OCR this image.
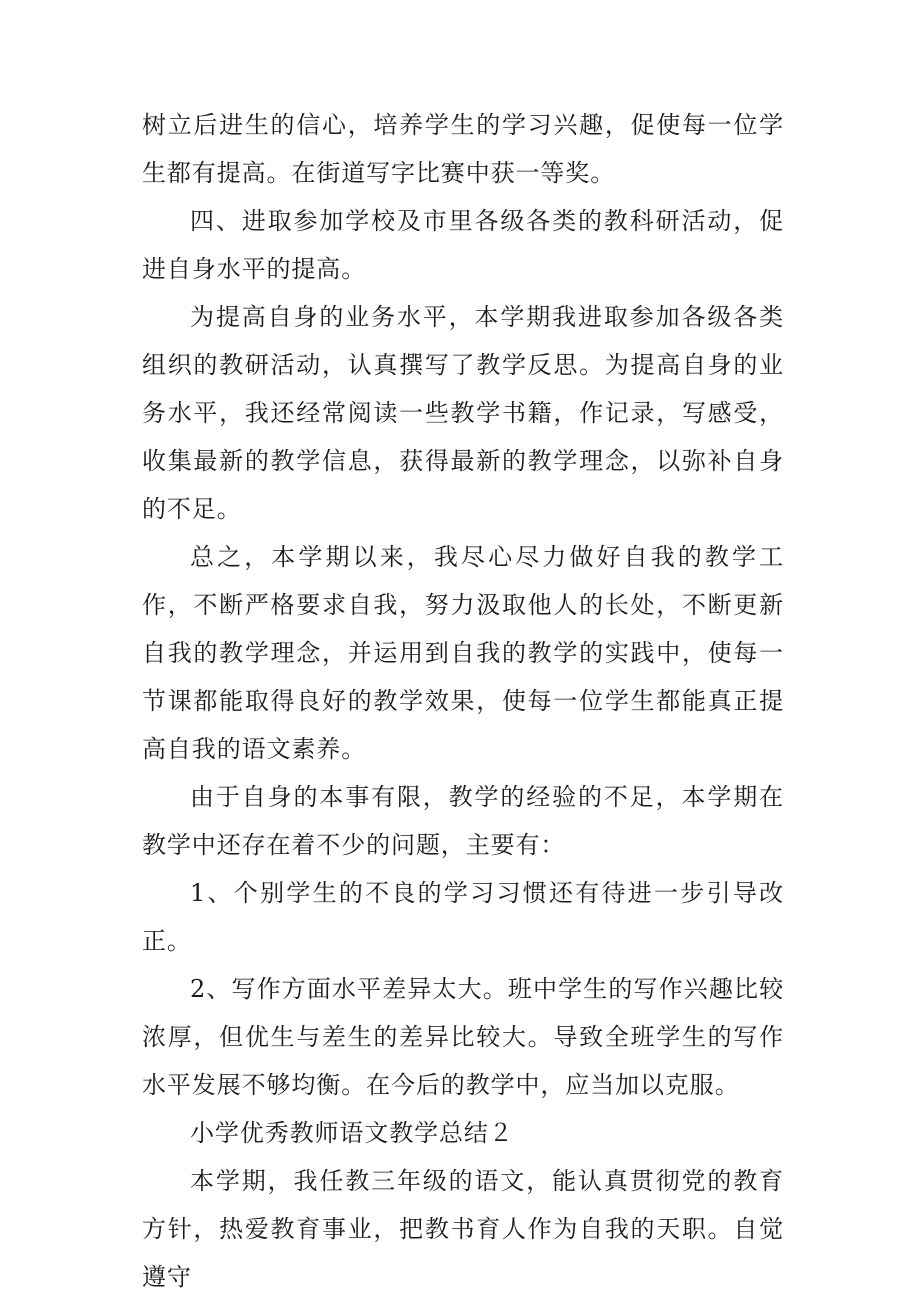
树立后进生的信心，培养学生的学习兴趣，促使每一位学生都有提高。在街道写字比赛中获一等奖。

四、进取参加学校及市里各级各类的教科研活动，促进自身水平的提高。

为提高自身的业务水平，本学期我进取参加各级各类组织的教研活动，认真撰写了教学反思。为提高自身的业务水平，我还经常阅读一些教学书籍，作记录，写感受，收集最新的教学信息，获得最新的教学理念，以弥补自身的不足。

总之，本学期以来，我尽心尽力做好自我的教学工作，不断严格要求自我，努力汲取他人的长处，不断更新自我的教学理念，并运用到自我的教学的实践中，使每一节课都能取得良好的教学效果，使每一位学生都能真正提高自我的语文素养。

由于自身的本事有限，教学的经验的不足，本学期在教学中还存在着不少的问题，主要有：

1、个别学生的不良的学习习惯还有待进一步引导改正。

2、写作方面水平差异太大。班中学生的写作兴趣比较浓厚，但优生与差生的差异比较大。导致全班学生的写作水平发展不够均衡。在今后的教学中，应当加以克服。

小学优秀教师语文教学总结２

本学期，我任教三年级的语文，能认真贯彻党的教育方针，热爱教育事业，把教书育人作为自我的天职。自觉遵守
